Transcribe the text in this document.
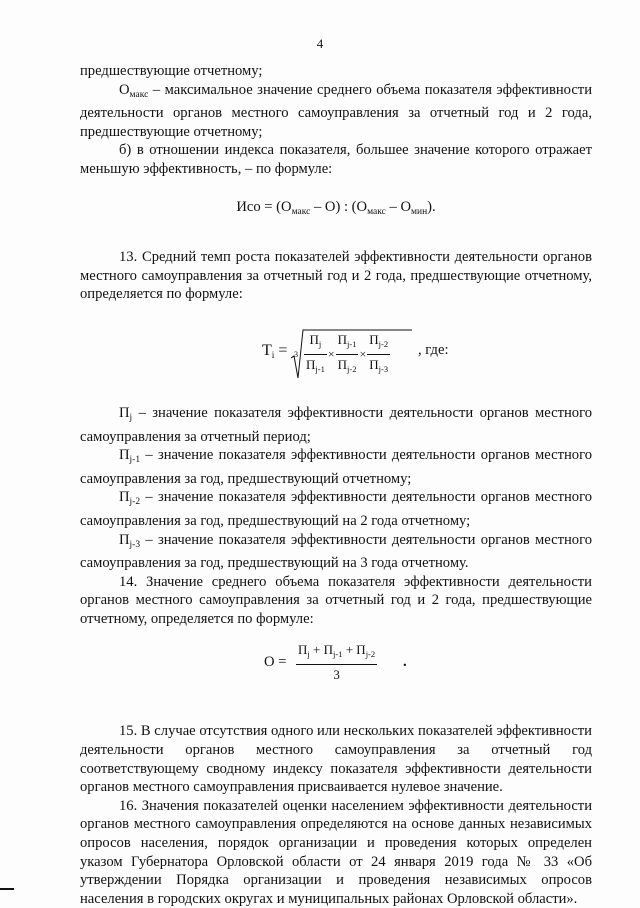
4

предшествующие отчетному;

$О_{макс}$ – максимальное значение среднего объема показателя эффективности деятельности органов местного самоуправления за отчетный год и 2 года, предшествующие отчетному;

б) в отношении индекса показателя, большее значение которого отражает меньшую эффективность, – по формуле:

Исо = $(О_{макс} - О)$ : $(О_{макс} - О_{мин})$.

13. Средний темп роста показателей эффективности деятельности органов местного самоуправления за отчетный год и 2 года, предшествующие отчетному, определяется по формуле:

$T_i = 3 \frac{П_j}{П_{j-1}} \times \frac{П_{j-1}}{П_{j-2}} \times \frac{П_{j-2}}{П_{j-3}}$ , где:

$П_j$ – значение показателя эффективности деятельности органов местного самоуправления за отчетный период;

$П_{j-1}$ – значение показателя эффективности деятельности органов местного самоуправления за год, предшествующий отчетному;

$П_{j-2}$ – значение показателя эффективности деятельности органов местного самоуправления за год, предшествующий на 2 года отчетному;

$П_{j-3}$ – значение показателя эффективности деятельности органов местного самоуправления за год, предшествующий на 3 года отчетному.

14. Значение среднего объема показателя эффективности деятельности органов местного самоуправления за отчетный год и 2 года, предшествующие отчетному, определяется по формуле:

О =
$П_j + П_{j-1} + П_{j-2}$
3
.

15. В случае отсутствия одного или нескольких показателей эффективности деятельности органов местного самоуправления за отчетный год соответствующему сводному индексу показателя эффективности деятельности органов местного самоуправления присваивается нулевое значение.

16. Значения показателей оценки населением эффективности деятельности органов местного самоуправления определяются на основе данных независимых опросов населения, порядок организации и проведения которых определен указом Губернатора Орловской области от 24 января 2019 года № 33 «Об утверждении Порядка организации и проведения независимых опросов населения в городских округах и муниципальных районах Орловской области».
